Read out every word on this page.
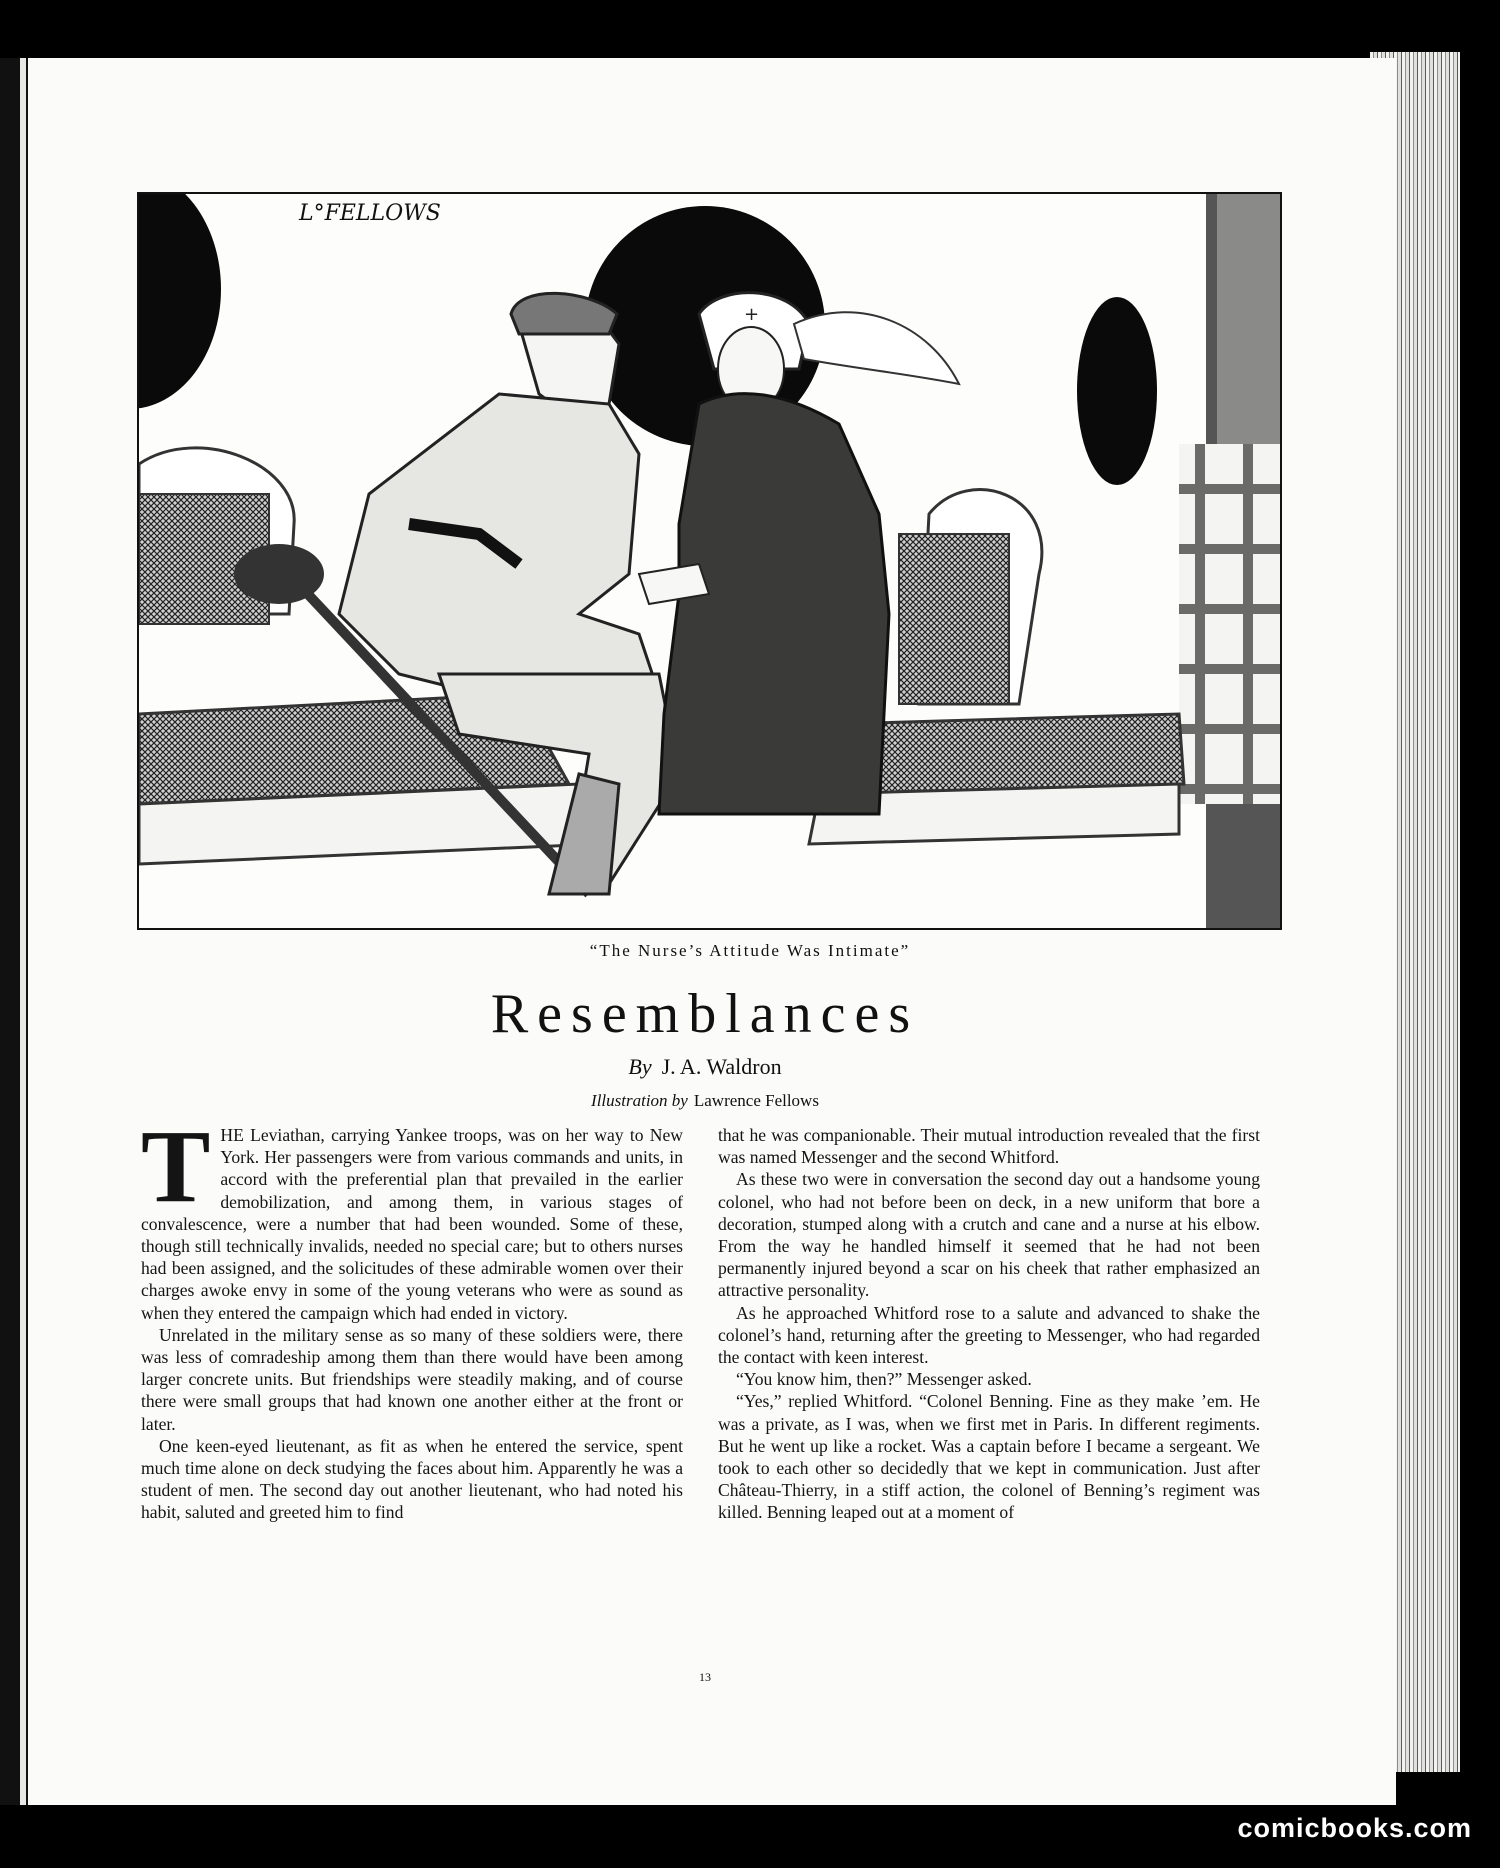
L°FELLOWS
+
“The Nurse’s Attitude Was Intimate”
Resemblances
By J. A. Waldron
Illustration by Lawrence Fellows

THE Leviathan, carrying Yankee troops, was on her way to New York. Her passengers were from various commands and units, in accord with the preferential plan that prevailed in the earlier demobilization, and among them, in various stages of convalescence, were a number that had been wounded. Some of these, though still technically invalids, needed no special care; but to others nurses had been assigned, and the solicitudes of these admirable women over their charges awoke envy in some of the young veterans who were as sound as when they entered the campaign which had ended in victory.

Unrelated in the military sense as so many of these soldiers were, there was less of comradeship among them than there would have been among larger concrete units. But friendships were steadily making, and of course there were small groups that had known one another either at the front or later.

One keen-eyed lieutenant, as fit as when he entered the service, spent much time alone on deck studying the faces about him. Apparently he was a student of men. The second day out another lieutenant, who had noted his habit, saluted and greeted him to find

that he was companionable. Their mutual introduction revealed that the first was named Messenger and the second Whitford.

As these two were in conversation the second day out a handsome young colonel, who had not before been on deck, in a new uniform that bore a decoration, stumped along with a crutch and cane and a nurse at his elbow. From the way he handled himself it seemed that he had not been permanently injured beyond a scar on his cheek that rather emphasized an attractive personality.

As he approached Whitford rose to a salute and advanced to shake the colonel’s hand, returning after the greeting to Messenger, who had regarded the contact with keen interest.

“You know him, then?” Messenger asked.

“Yes,” replied Whitford. “Colonel Benning. Fine as they make ’em. He was a private, as I was, when we first met in Paris. In different regiments. But he went up like a rocket. Was a captain before I became a sergeant. We took to each other so decidedly that we kept in communication. Just after Château-Thierry, in a stiff action, the colonel of Benning’s regiment was killed. Benning leaped out at a moment of

13
comicbooks.com
